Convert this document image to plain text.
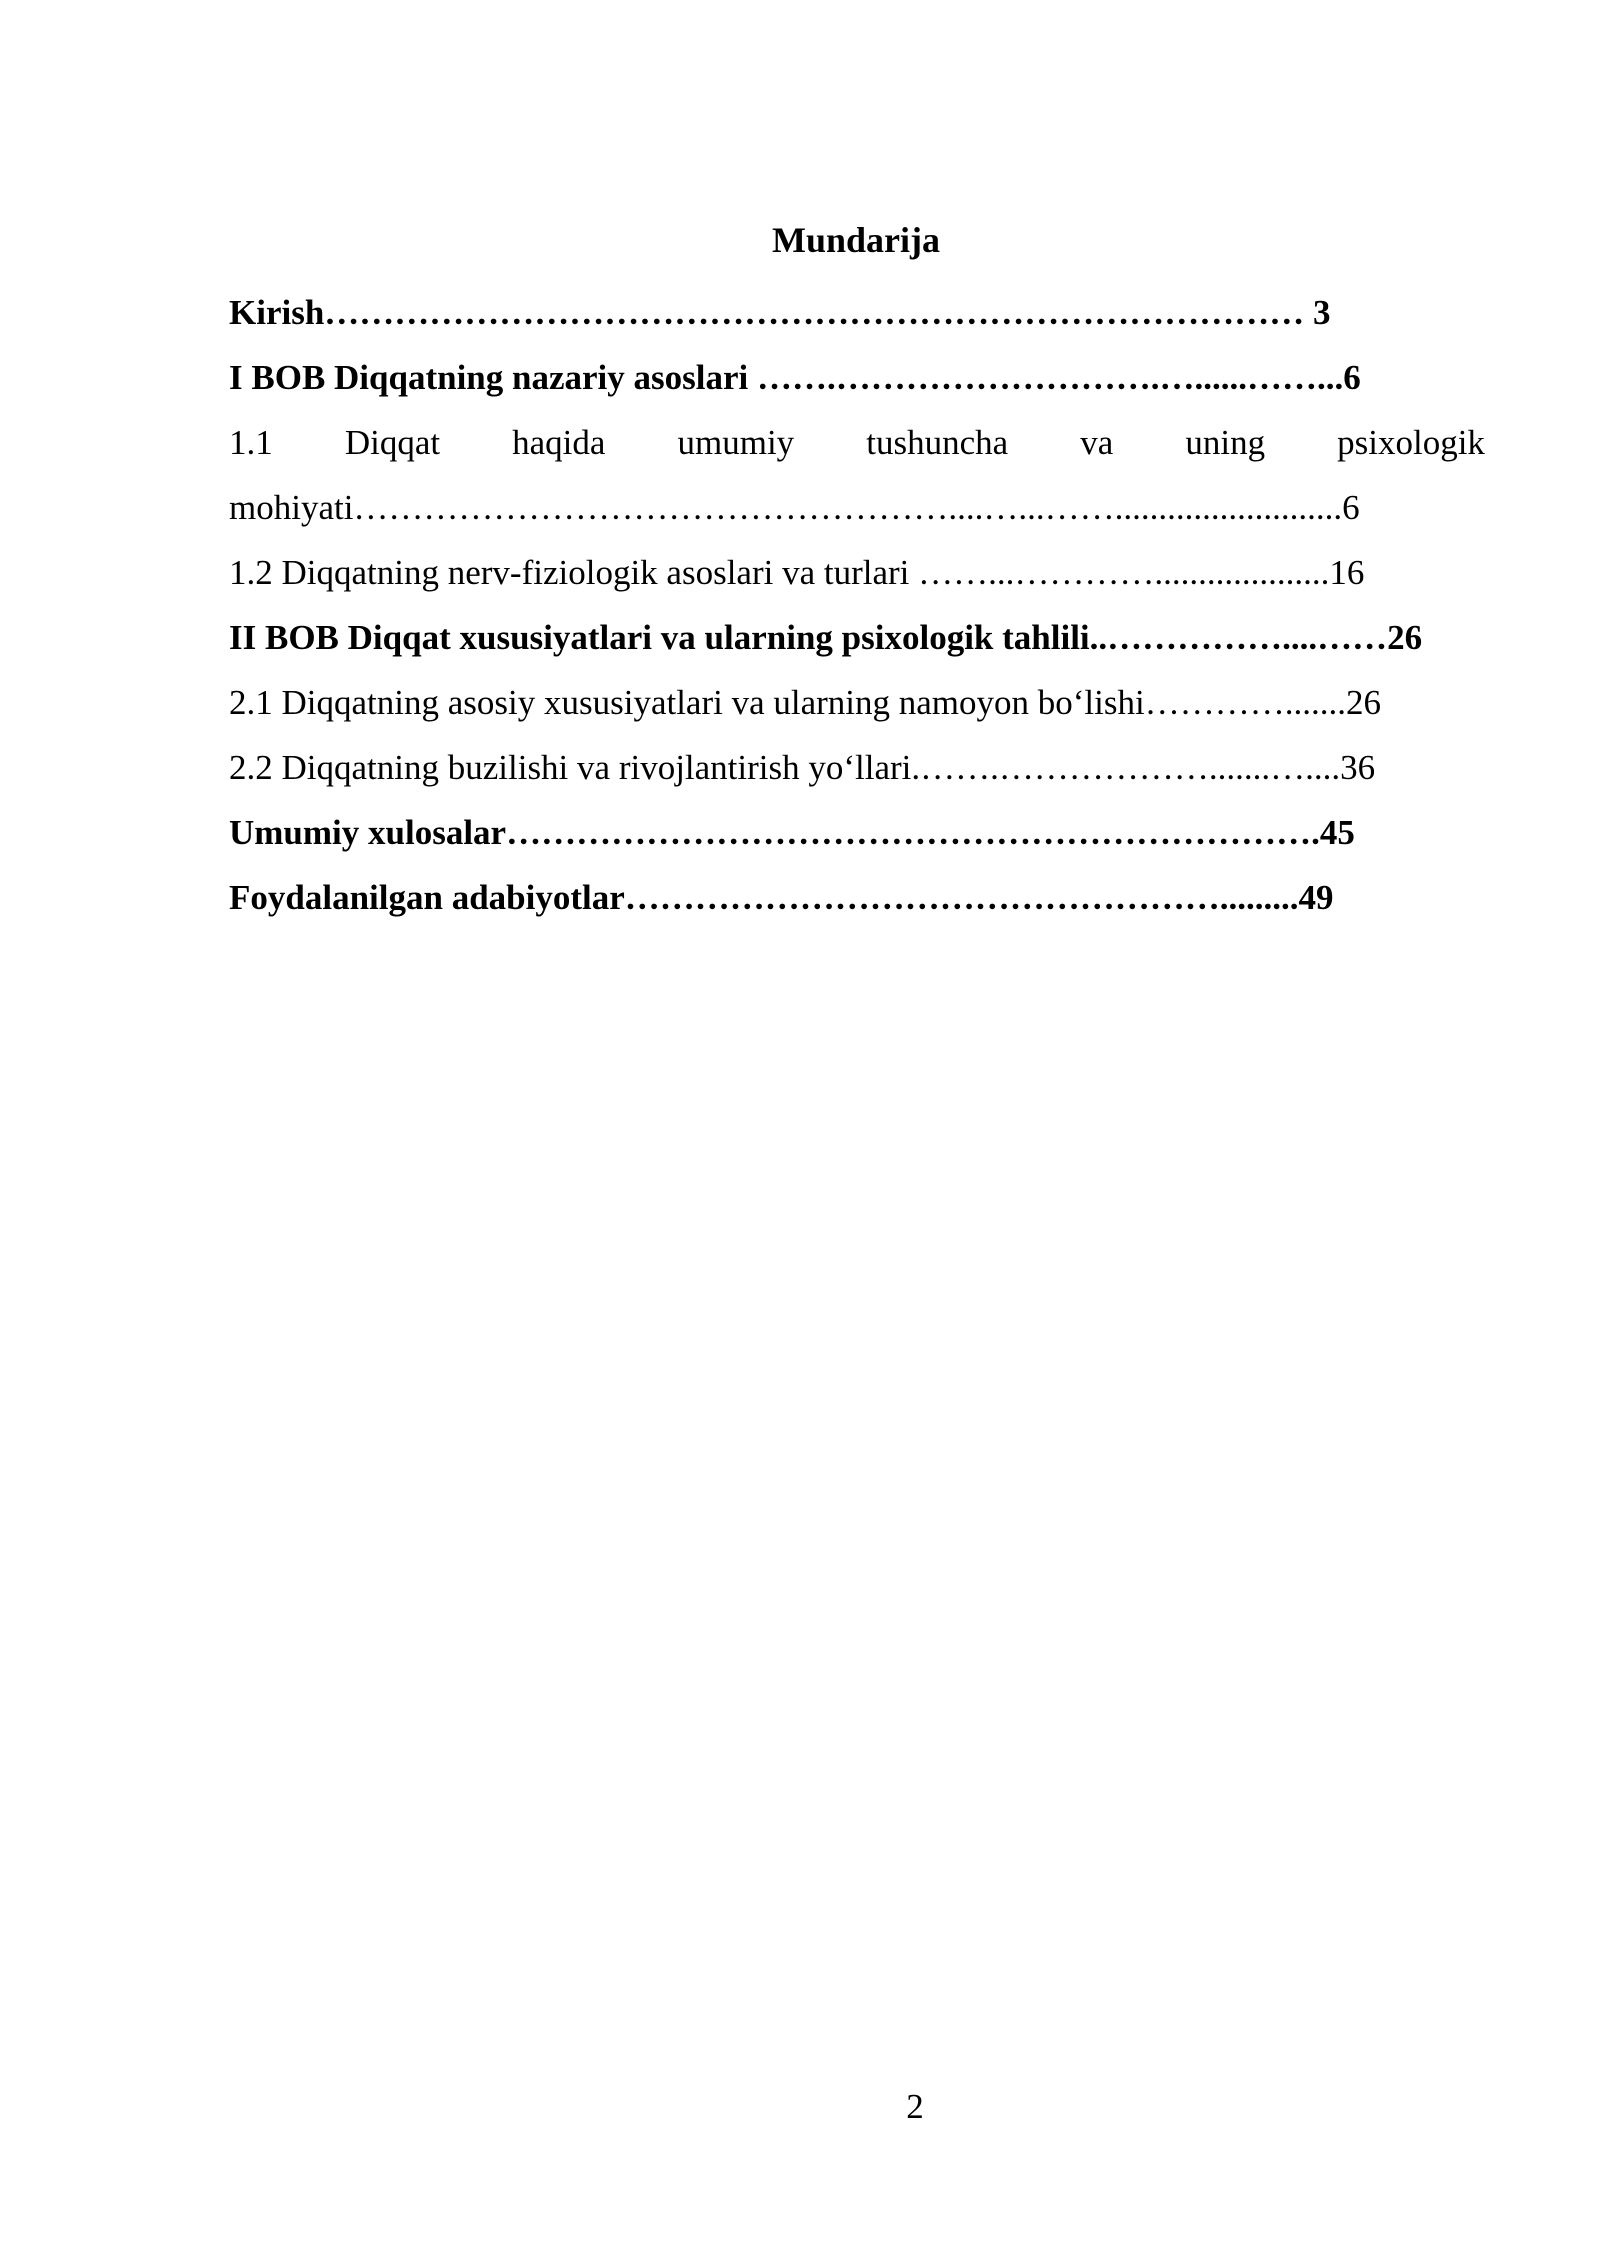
Mundarija
Kirish………………………………………………………………………… 3
I BOB Diqqatning nazariy asoslari …….……………………….…......……...6
1.1 Diqqat haqida umumiy tushuncha va uning psixologik
mohiyati……………………………………………....…...……..........................6
1.2 Diqqatning nerv-fiziologik asoslari va turlari ……...…………....................16
II BOB Diqqat xususiyatlari va ularning psixologik tahlili..……………....……26
2.1 Diqqatning asosiy xususiyatlari va ularning namoyon boʻlishi………….......26
2.2 Diqqatning buzilishi va rivojlantirish yoʻllari.…….……………….......…....36
Umumiy xulosalar…………………………………………………………….45
Foydalanilgan adabiyotlar…………………………………………….........49
2
